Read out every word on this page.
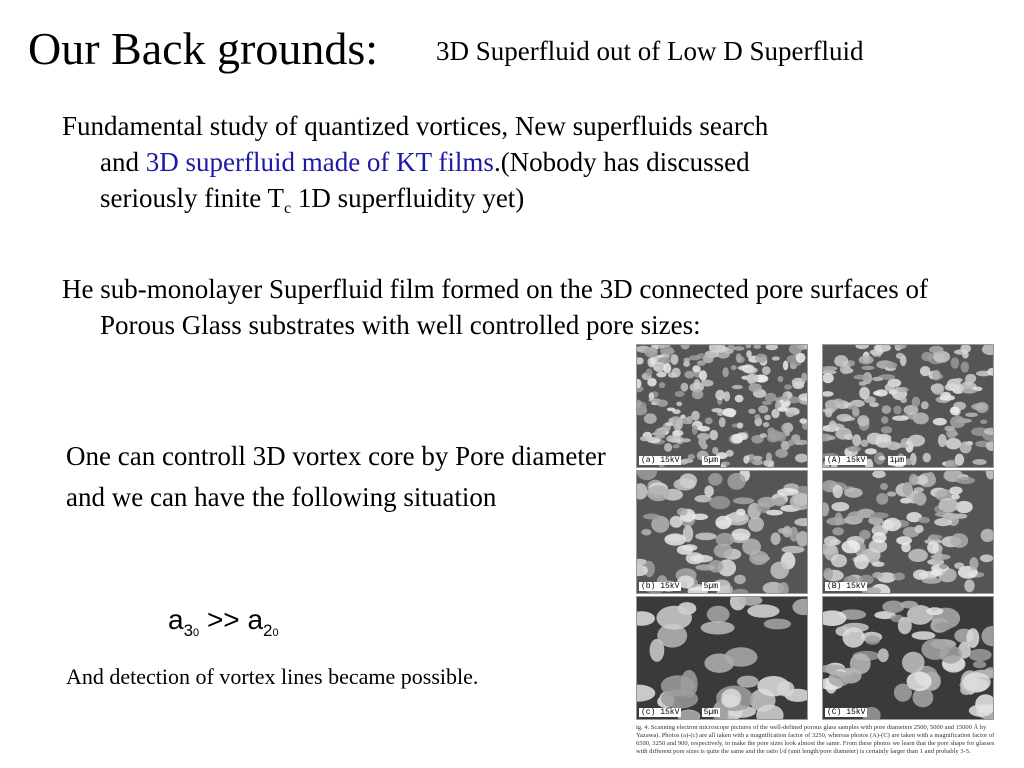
Our Back grounds: 3D Superfluid out of Low D Superfluid
Fundamental study of quantized vortices, New superfluids search
and 3D superfluid made of KT films.(Nobody has discussed
seriously finite $T_c$ 1D superfluidity yet)
He sub-monolayer Superfluid film formed on the 3D connected pore surfaces of Porous Glass substrates with well controlled pore sizes:
One can controll 3D vortex core by Pore diameter and we can have the following situation
$a_{30} >> a_{20}$
And detection of vortex lines became possible.
(a) 15kV	5µm	(A) 15kV	1µm
(b) 15kV	5µm	(B) 15kV
(c) 15kV	5µm	(C) 15kV
ig. 4. Scanning electron microscope pictures of the well-defined porous glass samples with pore diameters 2500, 5000 and 15000 Å by Yazawa). Photos (a)-(c) are all taken with a magnification factor of 3250, whereas photos (A)-(C) are taken with a magnification factor of 6500, 3250 and 900, respectively, to make the pore sizes look almost the same. From these photos we learn that the pore shape for glasses with different pore sizes is quite the same and the ratio l/d (unit length/pore diameter) is certainly larger than 1 and probably 3-5.
